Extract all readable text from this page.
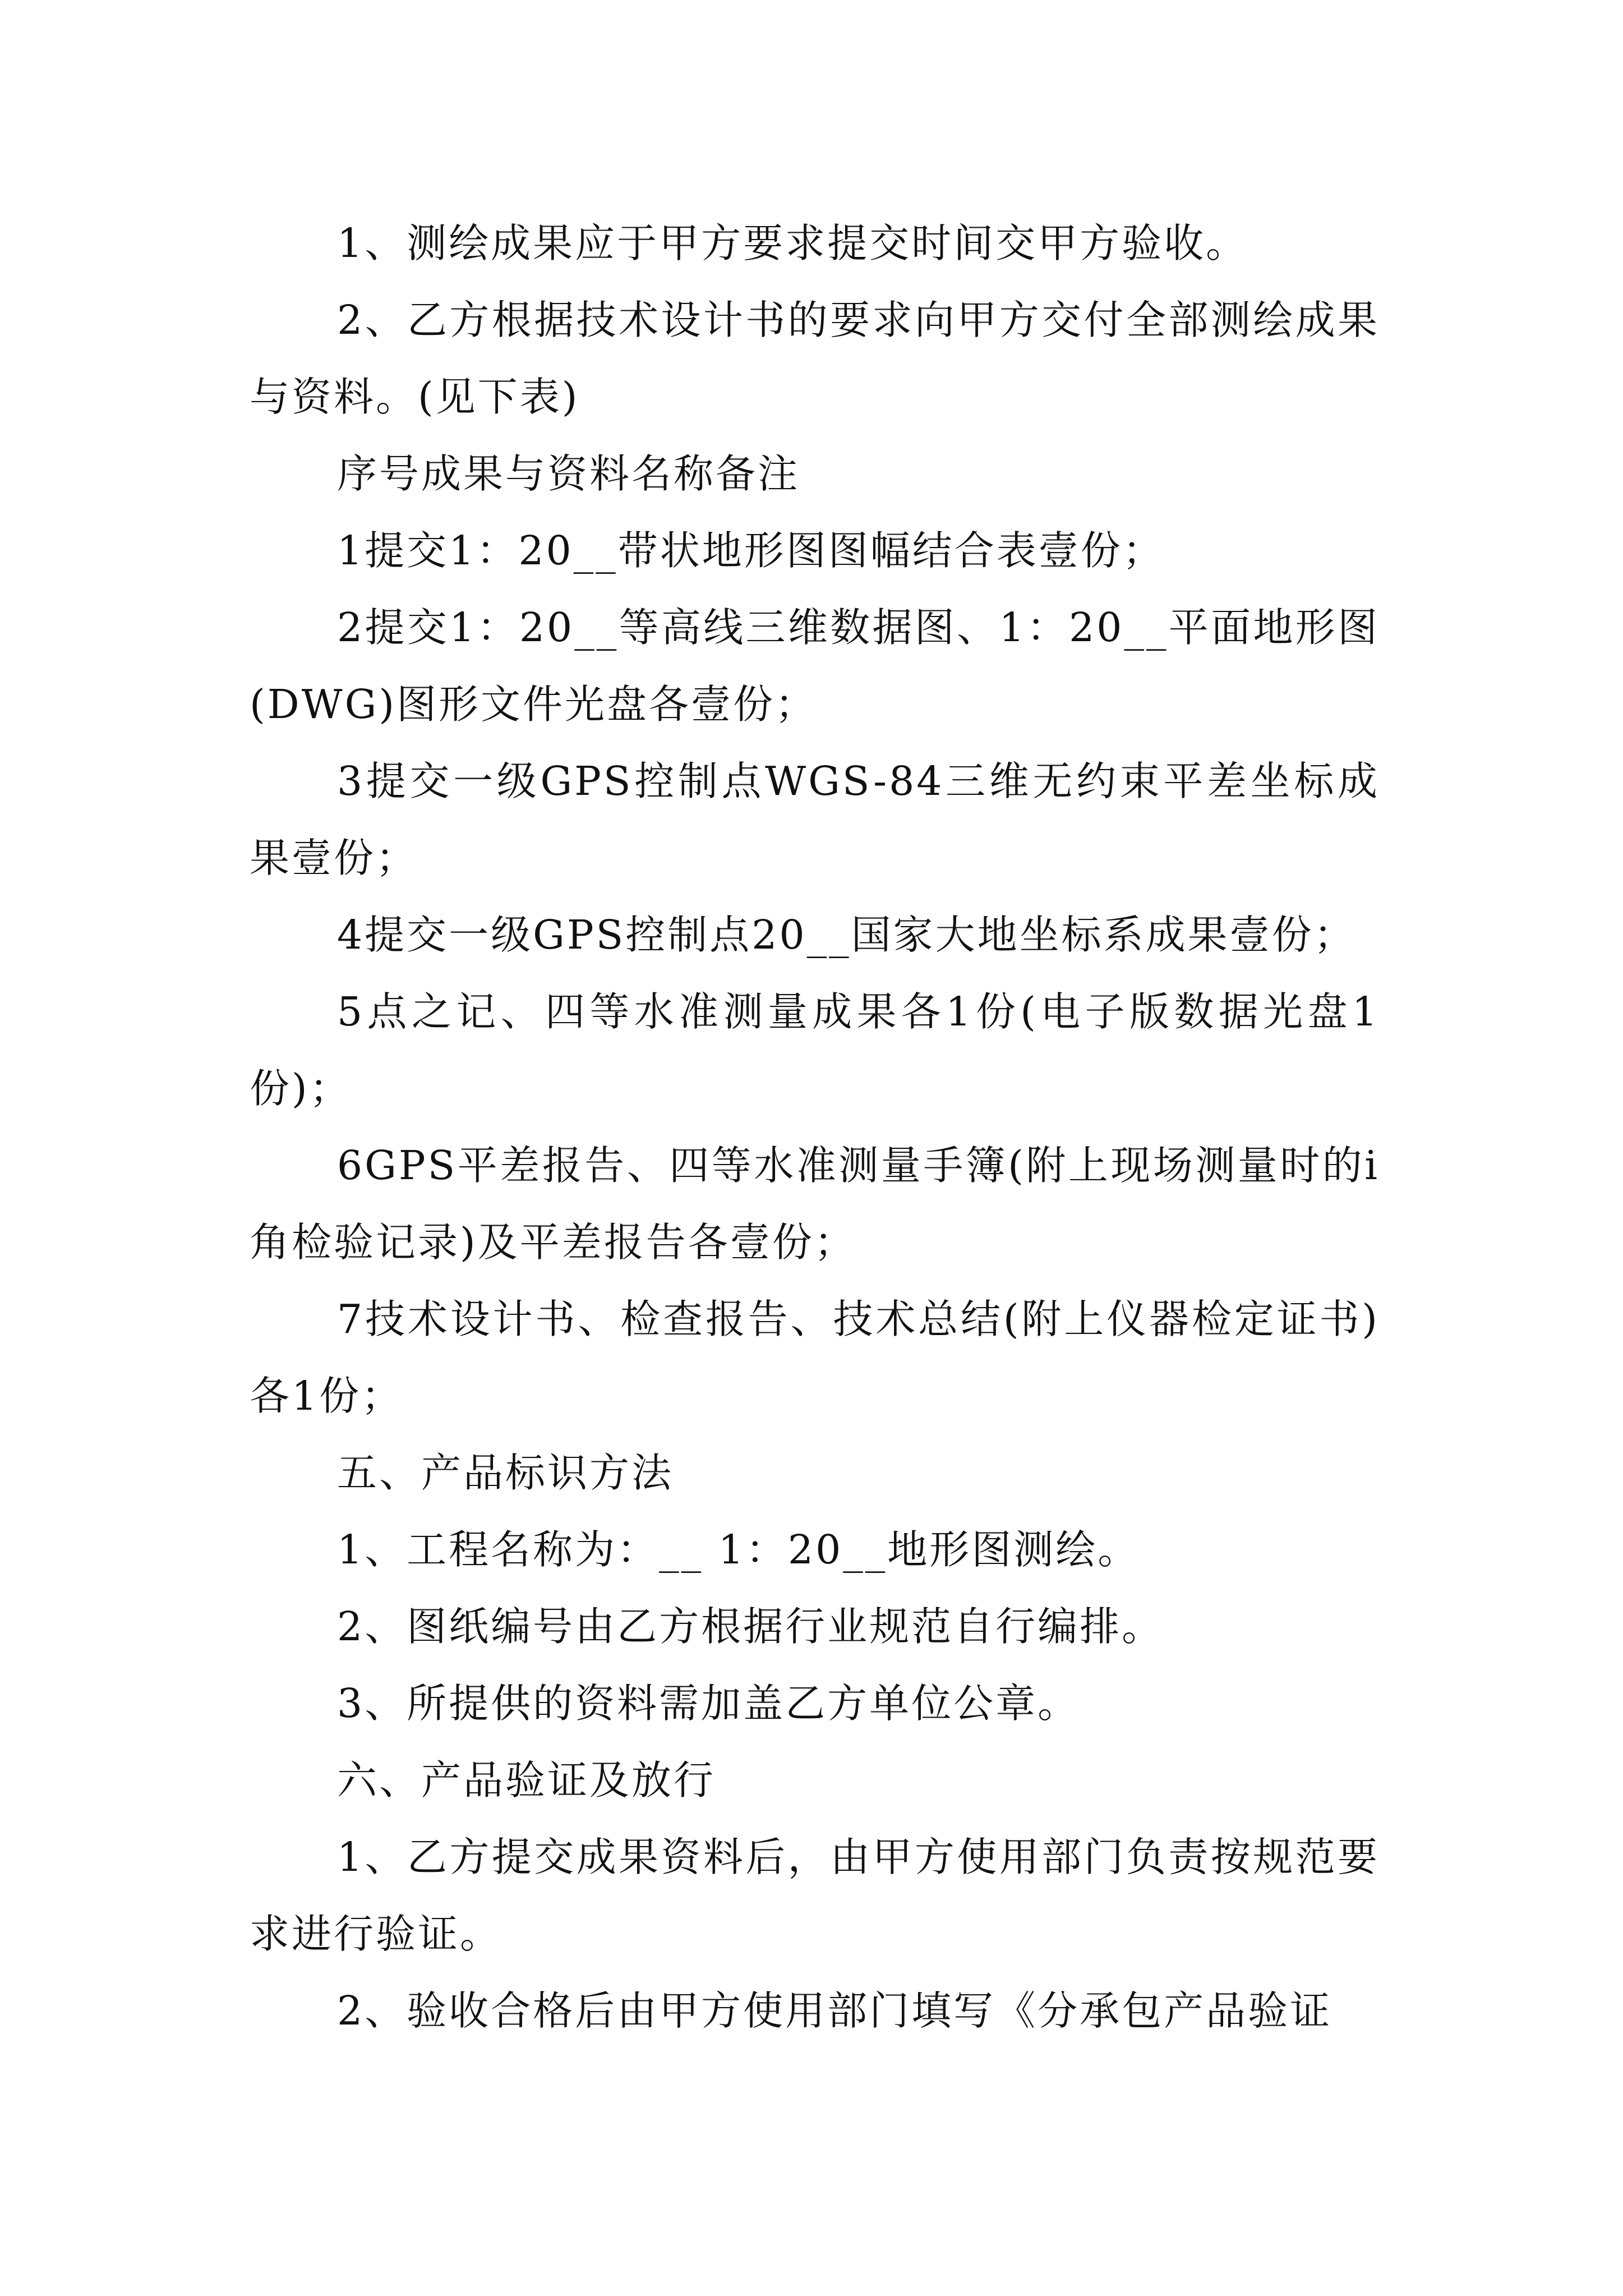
1、测绘成果应于甲方要求提交时间交甲方验收。

2、乙方根据技术设计书的要求向甲方交付全部测绘成果与资料。(见下表)

序号成果与资料名称备注

1提交1：20__带状地形图图幅结合表壹份；

2提交1：20__等高线三维数据图、1：20__平面地形图(DWG)图形文件光盘各壹份；

3提交一级GPS控制点WGS-84三维无约束平差坐标成果壹份；

4提交一级GPS控制点20__国家大地坐标系成果壹份；

5点之记、四等水准测量成果各1份(电子版数据光盘1份)；

6GPS平差报告、四等水准测量手簿(附上现场测量时的i角检验记录)及平差报告各壹份；

7技术设计书、检查报告、技术总结(附上仪器检定证书)各1份；

五、产品标识方法

1、工程名称为：__ 1：20__地形图测绘。

2、图纸编号由乙方根据行业规范自行编排。

3、所提供的资料需加盖乙方单位公章。

六、产品验证及放行

1、乙方提交成果资料后，由甲方使用部门负责按规范要求进行验证。

2、验收合格后由甲方使用部门填写《分承包产品验证
